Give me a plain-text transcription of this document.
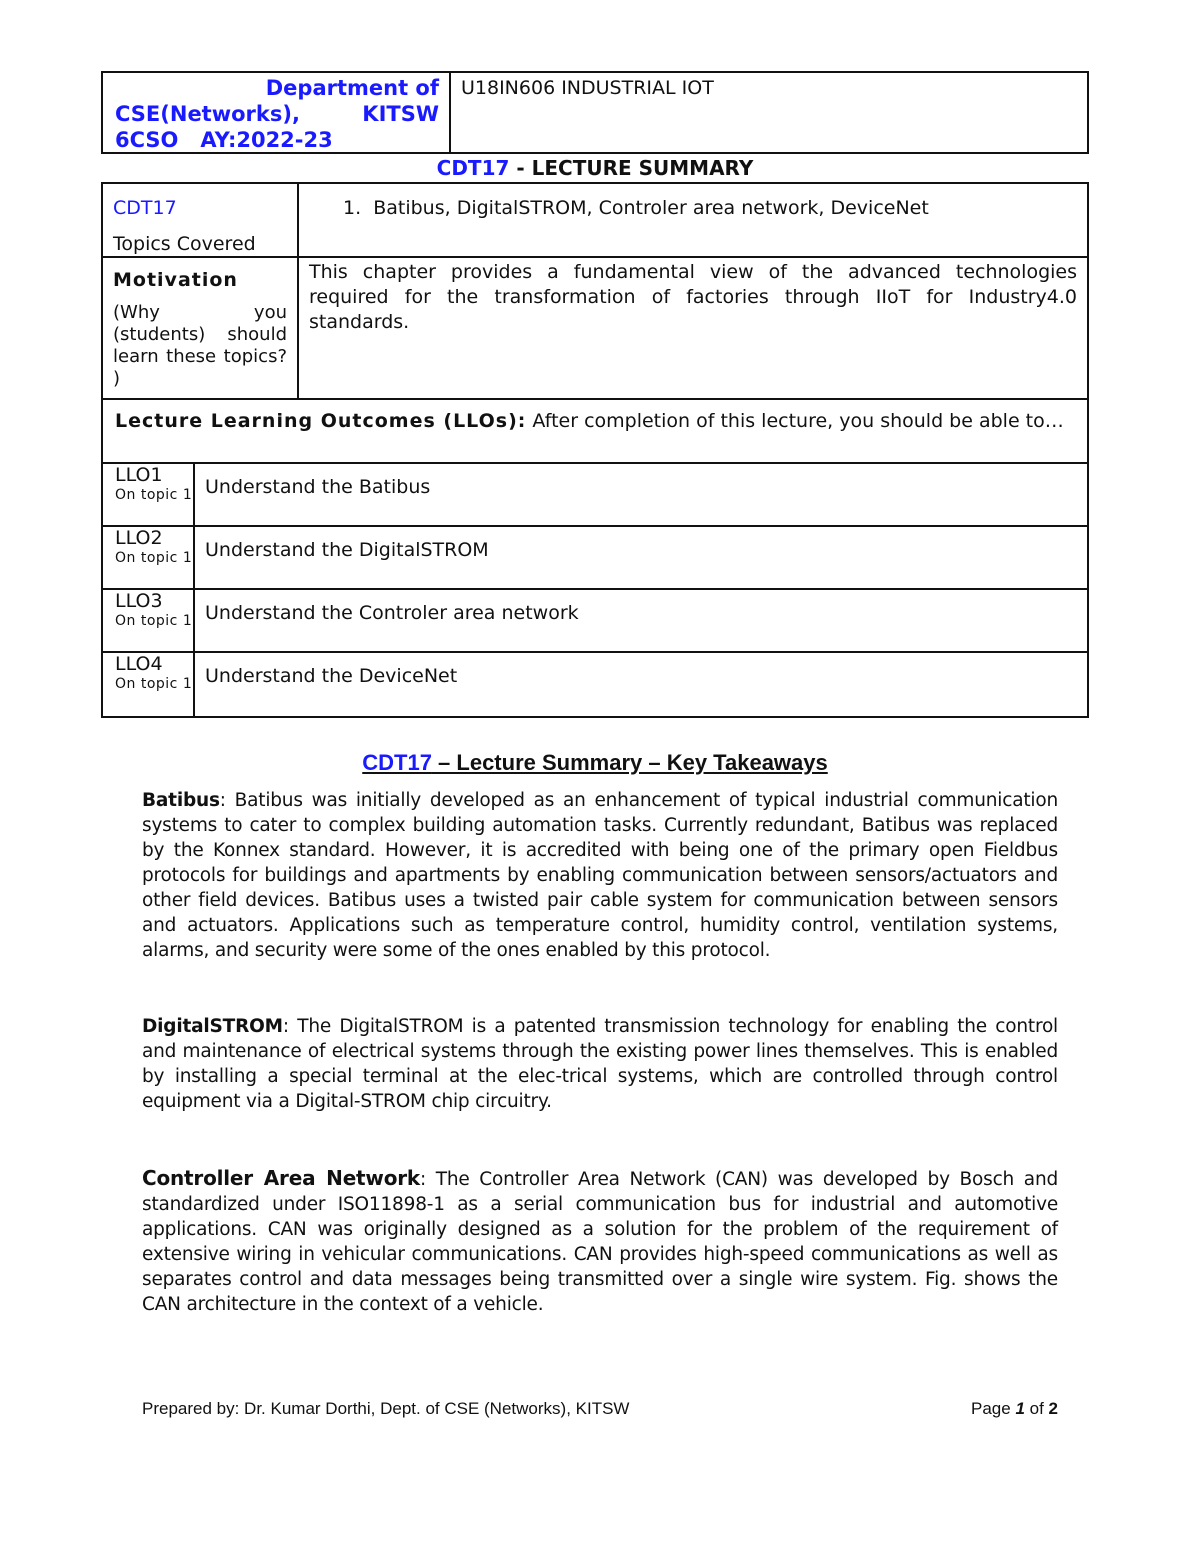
Department of
CSE(Networks),	KITSW
6CSO   AY:2022-23
U18IN606 INDUSTRIAL IOT
CDT17 - LECTURE SUMMARY
CDT17
Topics Covered
1.  Batibus, DigitalSTROM, Controler area network, DeviceNet
Motivation
(Why you (students) should learn these topics? )
This chapter provides a fundamental view of the advanced technologies required for the transformation of factories through IIoT for Industry4.0 standards.
Lecture Learning Outcomes (LLOs): After completion of this lecture, you should be able to…
LLO1
On topic 1 Understand the Batibus
LLO2
On topic 1 Understand the DigitalSTROM
LLO3
On topic 1 Understand the Controler area network
LLO4
On topic 1 Understand the DeviceNet
CDT17 – Lecture Summary – Key Takeaways
Batibus: Batibus was initially developed as an enhancement of typical industrial communication systems to cater to complex building automation tasks. Currently redundant, Batibus was replaced by the Konnex standard. However, it is accredited with being one of the primary open Fieldbus protocols for buildings and apartments by enabling communication between sensors/actuators and other field devices. Batibus uses a twisted pair cable system for communication between sensors and actuators. Applications such as temperature control, humidity control, ventilation systems, alarms, and security were some of the ones enabled by this protocol.
DigitalSTROM: The DigitalSTROM is a patented transmission technology for enabling the control and maintenance of electrical systems through the existing power lines themselves. This is enabled by installing a special terminal at the elec-trical systems, which are controlled through control equipment via a Digital-STROM chip circuitry.
Controller Area Network: The Controller Area Network (CAN) was developed by Bosch and standardized under ISO11898-1 as a serial communication bus for industrial and automotive applications. CAN was originally designed as a solution for the problem of the requirement of extensive wiring in vehicular communications. CAN provides high-speed communications as well as separates control and data messages being transmitted over a single wire system. Fig. shows the CAN architecture in the context of a vehicle.
Prepared by: Dr. Kumar Dorthi, Dept. of CSE (Networks), KITSW	Page 1 of 2
